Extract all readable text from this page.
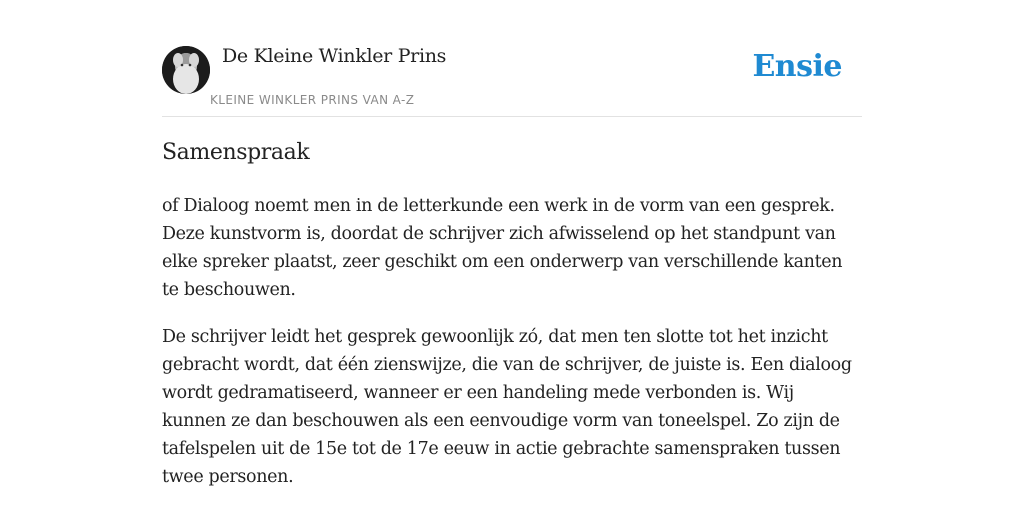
De Kleine Winkler Prins
KLEINE WINKLER PRINS VAN A-Z
Ensie
Samenspraak

of Dialoog noemt men in de letterkunde een werk in de vorm van een gesprek. Deze kunstvorm is, doordat de schrijver zich afwisselend op het standpunt van elke spreker plaatst, zeer geschikt om een onderwerp van verschillende kanten te beschouwen.

De schrijver leidt het gesprek gewoonlijk zó, dat men ten slotte tot het inzicht gebracht wordt, dat één zienswijze, die van de schrijver, de juiste is. Een dialoog wordt gedramatiseerd, wanneer er een handeling mede verbonden is. Wij kunnen ze dan beschouwen als een eenvoudige vorm van toneelspel. Zo zijn de tafelspelen uit de 15e tot de 17e eeuw in actie gebrachte samenspraken tussen twee personen.
